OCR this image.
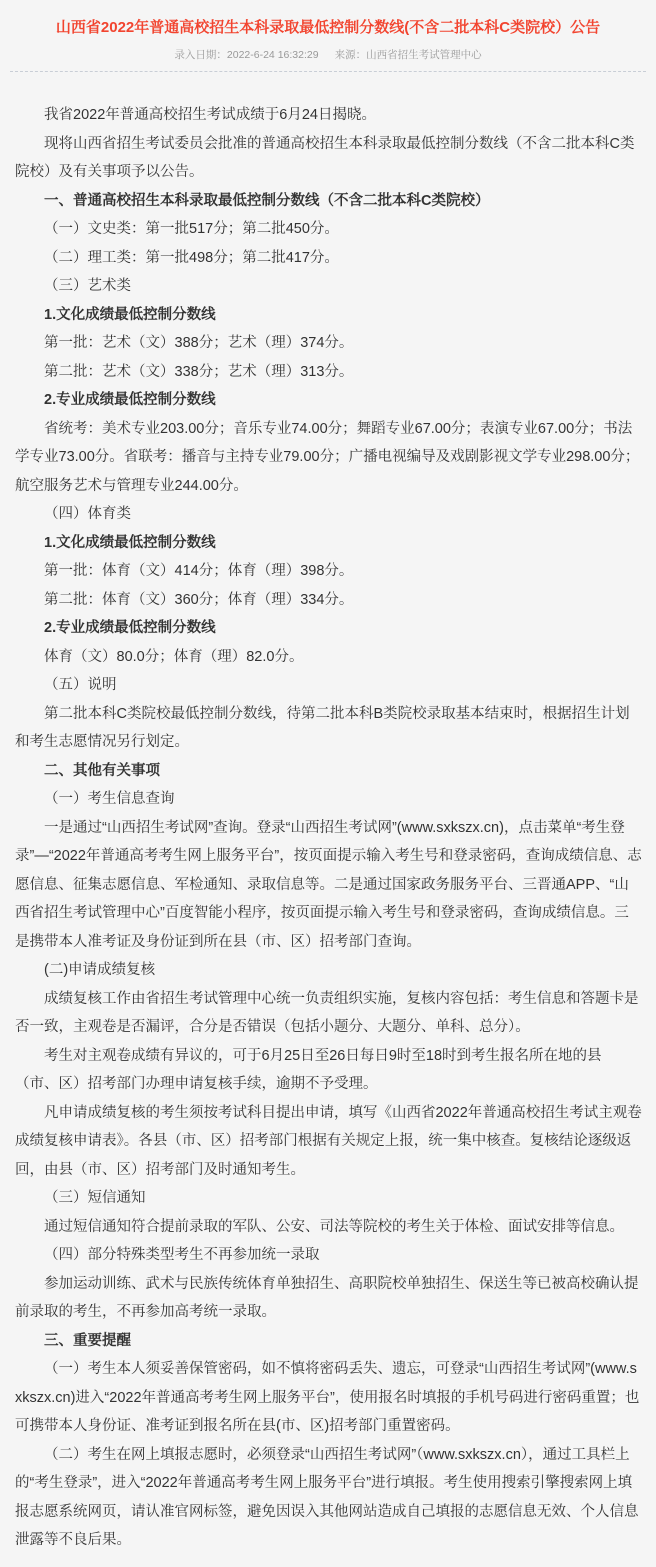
山西省2022年普通高校招生本科录取最低控制分数线(不含二批本科C类院校）公告
录入日期：2022-6-24 16:32:29 来源：山西省招生考试管理中心

我省2022年普通高校招生考试成绩于6月24日揭晓。

现将山西省招生考试委员会批准的普通高校招生本科录取最低控制分数线（不含二批本科C类院校）及有关事项予以公告。

一、普通高校招生本科录取最低控制分数线（不含二批本科C类院校）

（一）文史类：第一批517分；第二批450分。

（二）理工类：第一批498分；第二批417分。

（三）艺术类

1.文化成绩最低控制分数线

第一批：艺术（文）388分；艺术（理）374分。

第二批：艺术（文）338分；艺术（理）313分。

2.专业成绩最低控制分数线

省统考：美术专业203.00分；音乐专业74.00分；舞蹈专业67.00分；表演专业67.00分；书法学专业73.00分。省联考：播音与主持专业79.00分；广播电视编导及戏剧影视文学专业298.00分；航空服务艺术与管理专业244.00分。

（四）体育类

1.文化成绩最低控制分数线

第一批：体育（文）414分；体育（理）398分。

第二批：体育（文）360分；体育（理）334分。

2.专业成绩最低控制分数线

体育（文）80.0分；体育（理）82.0分。

（五）说明

第二批本科C类院校最低控制分数线，待第二批本科B类院校录取基本结束时，根据招生计划和考生志愿情况另行划定。

二、其他有关事项

（一）考生信息查询

一是通过“山西招生考试网”查询。登录“山西招生考试网”(www.sxkszx.cn)，点击菜单“考生登录”—“2022年普通高考考生网上服务平台”，按页面提示输入考生号和登录密码，查询成绩信息、志愿信息、征集志愿信息、军检通知、录取信息等。二是通过国家政务服务平台、三晋通APP、“山西省招生考试管理中心”百度智能小程序，按页面提示输入考生号和登录密码，查询成绩信息。三是携带本人准考证及身份证到所在县（市、区）招考部门查询。

(二)申请成绩复核

成绩复核工作由省招生考试管理中心统一负责组织实施，复核内容包括：考生信息和答题卡是否一致，主观卷是否漏评，合分是否错误（包括小题分、大题分、单科、总分）。

考生对主观卷成绩有异议的，可于6月25日至26日每日9时至18时到考生报名所在地的县（市、区）招考部门办理申请复核手续，逾期不予受理。

凡申请成绩复核的考生须按考试科目提出申请，填写《山西省2022年普通高校招生考试主观卷成绩复核申请表》。各县（市、区）招考部门根据有关规定上报，统一集中核查。复核结论逐级返回，由县（市、区）招考部门及时通知考生。

（三）短信通知

通过短信通知符合提前录取的军队、公安、司法等院校的考生关于体检、面试安排等信息。

（四）部分特殊类型考生不再参加统一录取

参加运动训练、武术与民族传统体育单独招生、高职院校单独招生、保送生等已被高校确认提前录取的考生，不再参加高考统一录取。

三、重要提醒

（一）考生本人须妥善保管密码，如不慎将密码丢失、遗忘，可登录“山西招生考试网”(www.sxkszx.cn)进入“2022年普通高考考生网上服务平台”，使用报名时填报的手机号码进行密码重置；也可携带本人身份证、准考证到报名所在县(市、区)招考部门重置密码。

（二）考生在网上填报志愿时，必须登录“山西招生考试网”（www.sxkszx.cn），通过工具栏上的“考生登录”，进入“2022年普通高考考生网上服务平台”进行填报。考生使用搜索引擎搜索网上填报志愿系统网页，请认准官网标签，避免因误入其他网站造成自己填报的志愿信息无效、个人信息泄露等不良后果。
